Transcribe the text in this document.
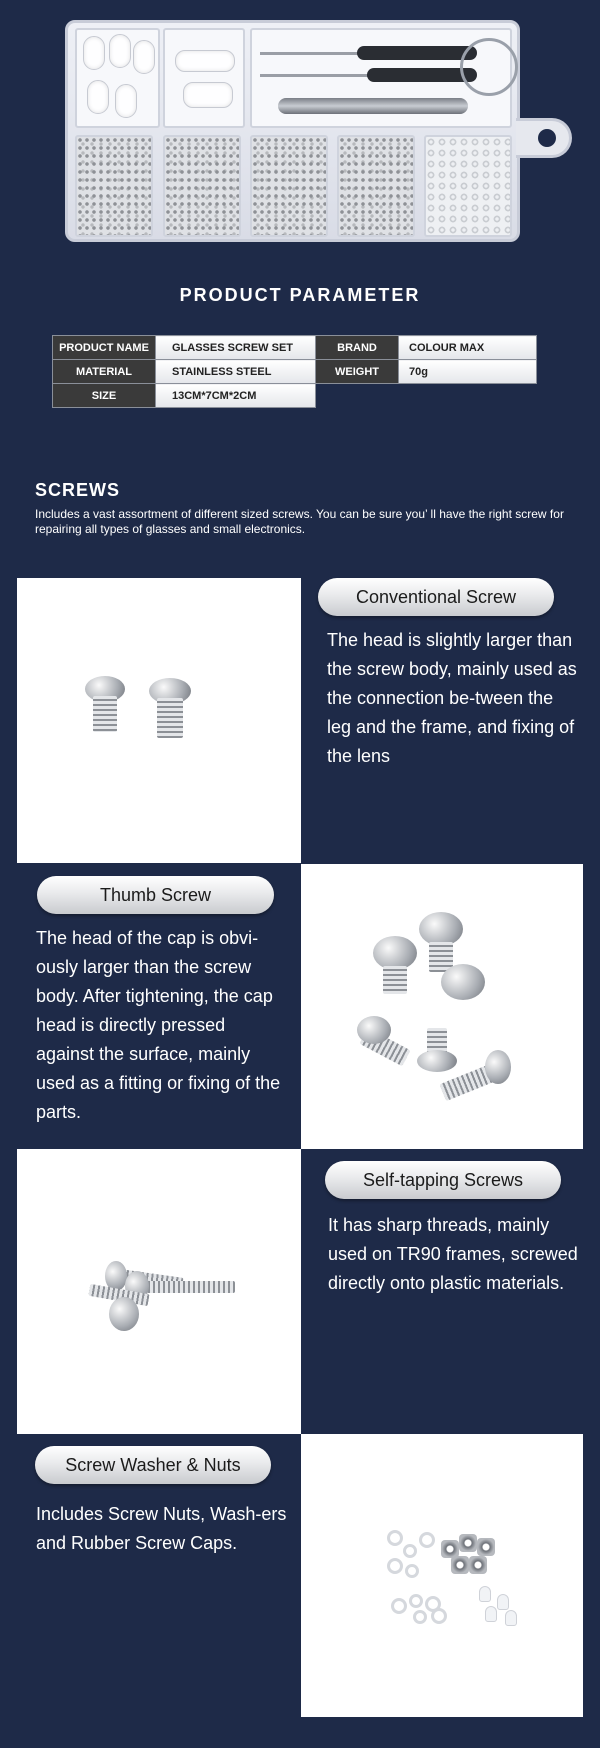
PRODUCT PARAMETER
PRODUCT NAME	GLASSES SCREW SET	BRAND	COLOUR MAX
MATERIAL	STAINLESS STEEL	WEIGHT	70g
SIZE	13CM*7CM*2CM		
SCREWS
Includes a vast assortment of different sized screws. You can be sure you’ ll have the right screw for repairing all types of glasses and small electronics.
Conventional Screw
The head is slightly larger than the screw body, mainly used as the connection be-tween the leg and the frame, and fixing of the lens
Thumb Screw
The head of the cap is obvi-ously larger than the screw body. After tightening, the cap head is directly pressed against the surface, mainly used as a fitting or fixing of the parts.
Self-tapping Screws
It has sharp threads, mainly used on TR90 frames, screwed directly onto plastic materials.
Screw Washer & Nuts
Includes Screw Nuts, Wash-ers and Rubber Screw Caps.
